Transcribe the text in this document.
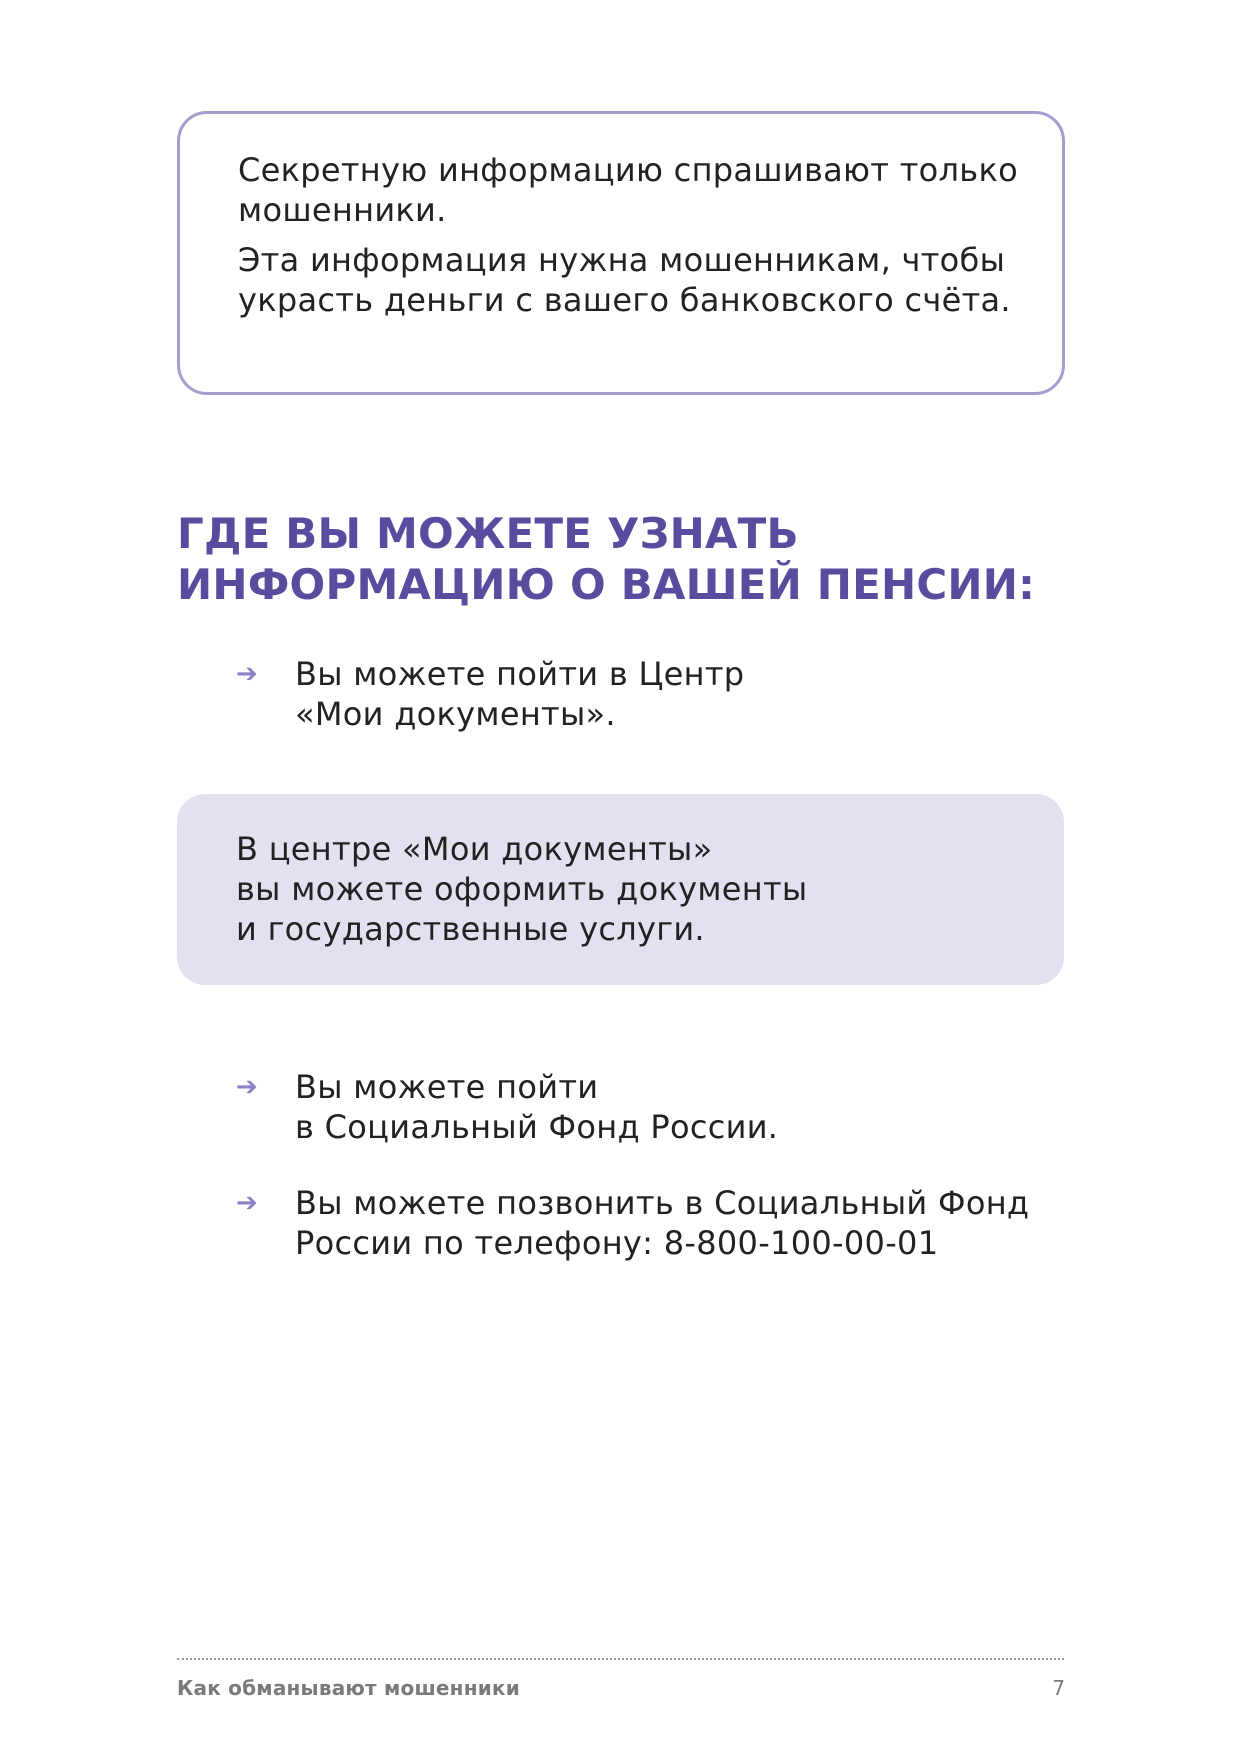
Секретную информацию спрашивают только мошенники.

Эта информация нужна мошенникам, чтобы украсть деньги с вашего банковского счёта.

ГДЕ ВЫ МОЖЕТЕ УЗНАТЬ ИНФОРМАЦИЮ О ВАШЕЙ ПЕНСИИ:
➔ Вы можете пойти в Центр
«Мои документы».

В центре «Мои документы»
вы можете оформить документы
и государственные услуги.

➔ Вы можете пойти
в Социальный Фонд России.
➔ Вы можете позвонить в Социальный Фонд
России по телефону: 8-800-100-00-01
Как обманывают мошенники	7
